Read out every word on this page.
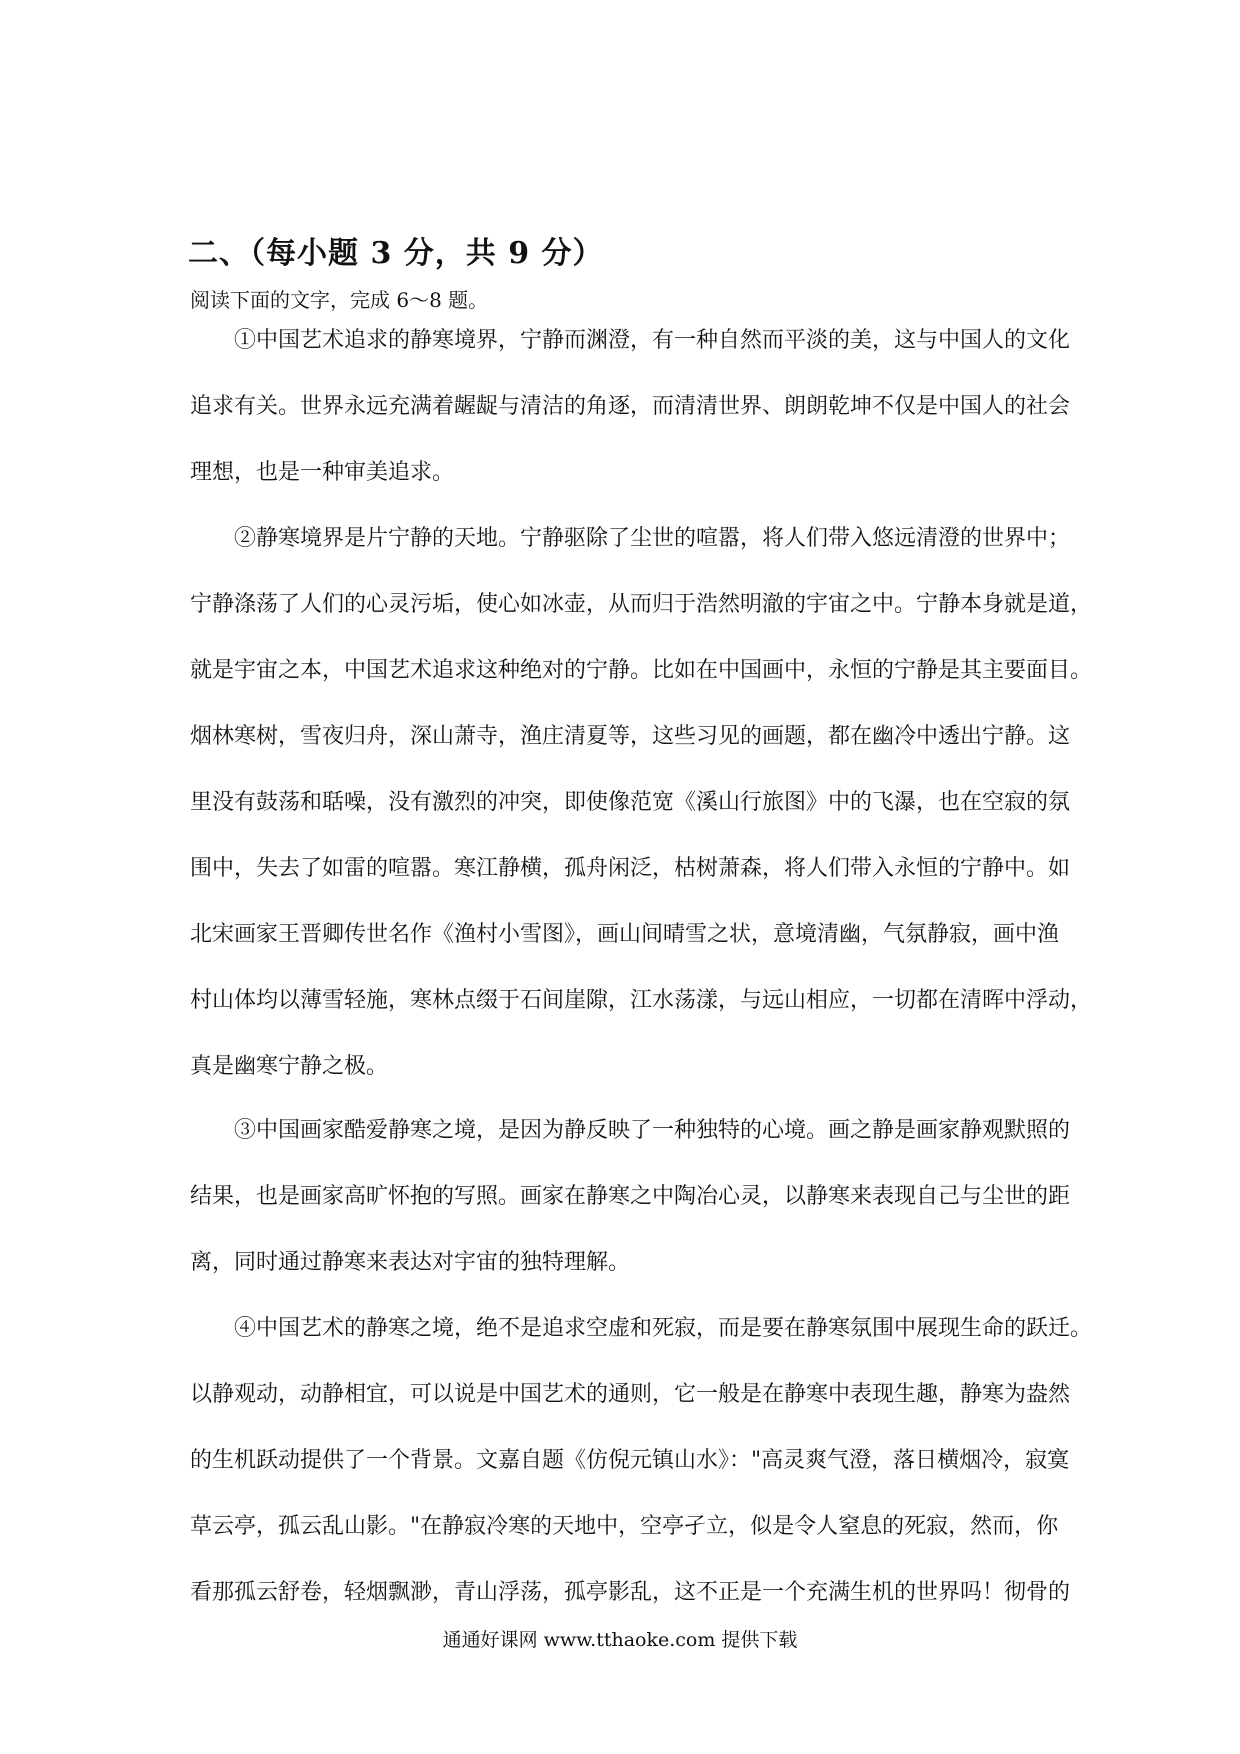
二、（每小题 3 分，共 9 分）
阅读下面的文字，完成 6～8 题。

①中国艺术追求的静寒境界，宁静而渊澄，有一种自然而平淡的美，这与中国人的文化
追求有关。世界永远充满着龌龊与清洁的角逐，而清清世界、朗朗乾坤不仅是中国人的社会
理想，也是一种审美追求。

②静寒境界是片宁静的天地。宁静驱除了尘世的喧嚣，将人们带入悠远清澄的世界中；
宁静涤荡了人们的心灵污垢，使心如冰壶，从而归于浩然明澈的宇宙之中。宁静本身就是道，
就是宇宙之本，中国艺术追求这种绝对的宁静。比如在中国画中，永恒的宁静是其主要面目。
烟林寒树，雪夜归舟，深山萧寺，渔庄清夏等，这些习见的画题，都在幽冷中透出宁静。这
里没有鼓荡和聒噪，没有激烈的冲突，即使像范宽《溪山行旅图》中的飞瀑，也在空寂的氛
围中，失去了如雷的喧嚣。寒江静横，孤舟闲泛，枯树萧森，将人们带入永恒的宁静中。如
北宋画家王晋卿传世名作《渔村小雪图》，画山间晴雪之状，意境清幽，气氛静寂，画中渔
村山体均以薄雪轻施，寒林点缀于石间崖隙，江水荡漾，与远山相应，一切都在清晖中浮动，
真是幽寒宁静之极。

③中国画家酷爱静寒之境，是因为静反映了一种独特的心境。画之静是画家静观默照的
结果，也是画家高旷怀抱的写照。画家在静寒之中陶冶心灵，以静寒来表现自己与尘世的距
离，同时通过静寒来表达对宇宙的独特理解。

④中国艺术的静寒之境，绝不是追求空虚和死寂，而是要在静寒氛围中展现生命的跃迁。
以静观动，动静相宜，可以说是中国艺术的通则，它一般是在静寒中表现生趣，静寒为盎然
的生机跃动提供了一个背景。文嘉自题《仿倪元镇山水》："高灵爽气澄，落日横烟冷，寂寞
草云亭，孤云乱山影。"在静寂冷寒的天地中，空亭孑立，似是令人窒息的死寂，然而，你
看那孤云舒卷，轻烟飘渺，青山浮荡，孤亭影乱，这不正是一个充满生机的世界吗！彻骨的

通通好课网 www.tthaoke.com 提供下载
